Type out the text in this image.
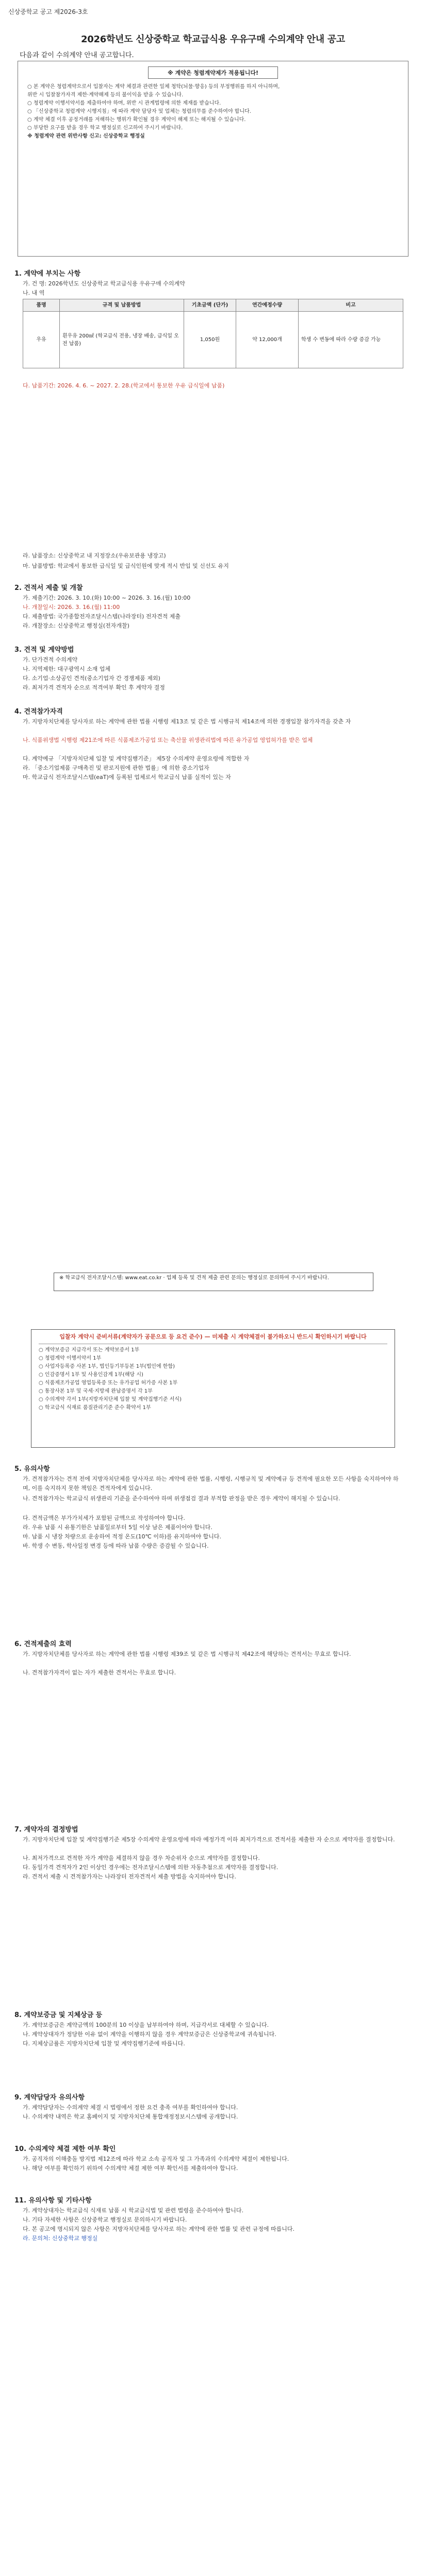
신상중학교 공고 제2026-3호
2026학년도 신상중학교 학교급식용 우유구매 수의계약 안내 공고
다음과 같이 수의계약 안내 공고합니다.
※ 계약은 청렴계약제가 적용됩니다!
○ 본 계약은 청렴계약으로서 입찰자는 계약 체결과 관련한 일체 청탁(뇌물·향응) 등의 부정행위를 하지 아니하며,
위반 시 입찰참가자격 제한·계약해제 등의 불이익을 받을 수 있습니다.
○ 청렴계약 이행서약서를 제출하여야 하며, 위반 시 관계법령에 의한 제재를 받습니다.
○ 「신상중학교 청렴계약 시행지침」에 따라 계약 담당자 및 업체는 청렴의무를 준수하여야 합니다.
○ 계약 체결 이후 공정거래를 저해하는 행위가 확인될 경우 계약이 해제 또는 해지될 수 있습니다.
○ 부당한 요구를 받을 경우 학교 행정실로 신고하여 주시기 바랍니다.
※ 청렴계약 관련 위반사항 신고: 신상중학교 행정실
1. 계약에 부치는 사항
가. 건 명: 2026학년도 신상중학교 학교급식용 우유구매 수의계약
나. 내 역
품명	규격 및 납품방법	기초금액 (단가)	연간예정수량	비고
우유	흰우유 200㎖ (학교급식 전용, 냉장 배송, 급식일 오전 납품)	1,050원	약 12,000개	학생 수 변동에 따라 수량 증감 가능
다. 납품기간: 2026. 4. 6. ~ 2027. 2. 28.(학교에서 통보한 우유 급식일에 납품)
라. 납품장소: 신상중학교 내 지정장소(우유보관용 냉장고)
마. 납품방법: 학교에서 통보한 급식일 및 급식인원에 맞게 적시 반입 및 신선도 유지
2. 견적서 제출 및 개찰
가. 제출기간: 2026. 3. 10.(화) 10:00 ~ 2026. 3. 16.(월) 10:00
나. 개찰일시: 2026. 3. 16.(월) 11:00
다. 제출방법: 국가종합전자조달시스템(나라장터) 전자견적 제출
라. 개찰장소: 신상중학교 행정실(전자개찰)
3. 견적 및 계약방법
가. 단가견적 수의계약
나. 지역제한: 대구광역시 소재 업체
다. 소기업·소상공인 견적(중소기업자 간 경쟁제품 제외)
라. 최저가격 견적자 순으로 적격여부 확인 후 계약자 결정
4. 견적참가자격
가. 지방자치단체를 당사자로 하는 계약에 관한 법률 시행령 제13조 및 같은 법 시행규칙 제14조에 의한 경쟁입찰 참가자격을 갖춘 자
나. 식품위생법 시행령 제21조에 따른 식품제조가공업 또는 축산물 위생관리법에 따른 유가공업 영업허가를 받은 업체
다. 계약예규 「지방자치단체 입찰 및 계약집행기준」 제5장 수의계약 운영요령에 적합한 자
라. 「중소기업제품 구매촉진 및 판로지원에 관한 법률」에 의한 중소기업자
마. 학교급식 전자조달시스템(eaT)에 등록된 업체로서 학교급식 납품 실적이 있는 자
※ 학교급식 전자조달시스템: www.eat.co.kr · 업체 등록 및 견적 제출 관련 문의는 행정실로 문의하여 주시기 바랍니다.
입찰자 계약시 준비서류(계약자가 공문으로 등 요건 준수) — 미제출 시 계약체결이 불가하오니 반드시 확인하시기 바랍니다
○ 계약보증금 지급각서 또는 계약보증서 1부
○ 청렴계약 이행서약서 1부
○ 사업자등록증 사본 1부, 법인등기부등본 1부(법인에 한함)
○ 인감증명서 1부 및 사용인감계 1부(해당 시)
○ 식품제조가공업 영업등록증 또는 유가공업 허가증 사본 1부
○ 통장사본 1부 및 국세·지방세 완납증명서 각 1부
○ 수의계약 각서 1부(지방자치단체 입찰 및 계약집행기준 서식)
○ 학교급식 식재료 품질관리기준 준수 확약서 1부
5. 유의사항
가. 견적참가자는 견적 전에 지방자치단체를 당사자로 하는 계약에 관한 법률, 시행령, 시행규칙 및 계약예규 등 견적에 필요한 모든 사항을 숙지하여야 하며, 이를 숙지하지 못한 책임은 견적자에게 있습니다.
나. 견적참가자는 학교급식 위생관리 기준을 준수하여야 하며 위생점검 결과 부적합 판정을 받은 경우 계약이 해지될 수 있습니다.
다. 견적금액은 부가가치세가 포함된 금액으로 작성하여야 합니다.
라. 우유 납품 시 유통기한은 납품일로부터 5일 이상 남은 제품이어야 합니다.
마. 납품 시 냉장 차량으로 운송하여 적정 온도(10℃ 이하)를 유지하여야 합니다.
바. 학생 수 변동, 학사일정 변경 등에 따라 납품 수량은 증감될 수 있습니다.
6. 견적제출의 효력
가. 지방자치단체를 당사자로 하는 계약에 관한 법률 시행령 제39조 및 같은 법 시행규칙 제42조에 해당하는 견적서는 무효로 합니다.
나. 견적참가자격이 없는 자가 제출한 견적서는 무효로 합니다.
7. 계약자의 결정방법
가. 지방자치단체 입찰 및 계약집행기준 제5장 수의계약 운영요령에 따라 예정가격 이하 최저가격으로 견적서를 제출한 자 순으로 계약자를 결정합니다.
나. 최저가격으로 견적한 자가 계약을 체결하지 않을 경우 차순위자 순으로 계약자를 결정합니다.
다. 동일가격 견적자가 2인 이상인 경우에는 전자조달시스템에 의한 자동추첨으로 계약자를 결정합니다.
라. 견적서 제출 시 견적참가자는 나라장터 전자견적서 제출 방법을 숙지하여야 합니다.
8. 계약보증금 및 지체상금 등
가. 계약보증금은 계약금액의 100분의 10 이상을 납부하여야 하며, 지급각서로 대체할 수 있습니다.
나. 계약상대자가 정당한 이유 없이 계약을 이행하지 않을 경우 계약보증금은 신상중학교에 귀속됩니다.
다. 지체상금률은 지방자치단체 입찰 및 계약집행기준에 따릅니다.
9. 계약담당자 유의사항
가. 계약담당자는 수의계약 체결 시 법령에서 정한 요건 충족 여부를 확인하여야 합니다.
나. 수의계약 내역은 학교 홈페이지 및 지방자치단체 통합재정정보시스템에 공개합니다.
10. 수의계약 체결 제한 여부 확인
가. 공직자의 이해충돌 방지법 제12조에 따라 학교 소속 공직자 및 그 가족과의 수의계약 체결이 제한됩니다.
나. 해당 여부를 확인하기 위하여 수의계약 체결 제한 여부 확인서를 제출하여야 합니다.
11. 유의사항 및 기타사항
가. 계약상대자는 학교급식 식재료 납품 시 학교급식법 및 관련 법령을 준수하여야 합니다.
나. 기타 자세한 사항은 신상중학교 행정실로 문의하시기 바랍니다.
다. 본 공고에 명시되지 않은 사항은 지방자치단체를 당사자로 하는 계약에 관한 법률 및 관련 규정에 따릅니다.
라. 문의처: 신상중학교 행정실
